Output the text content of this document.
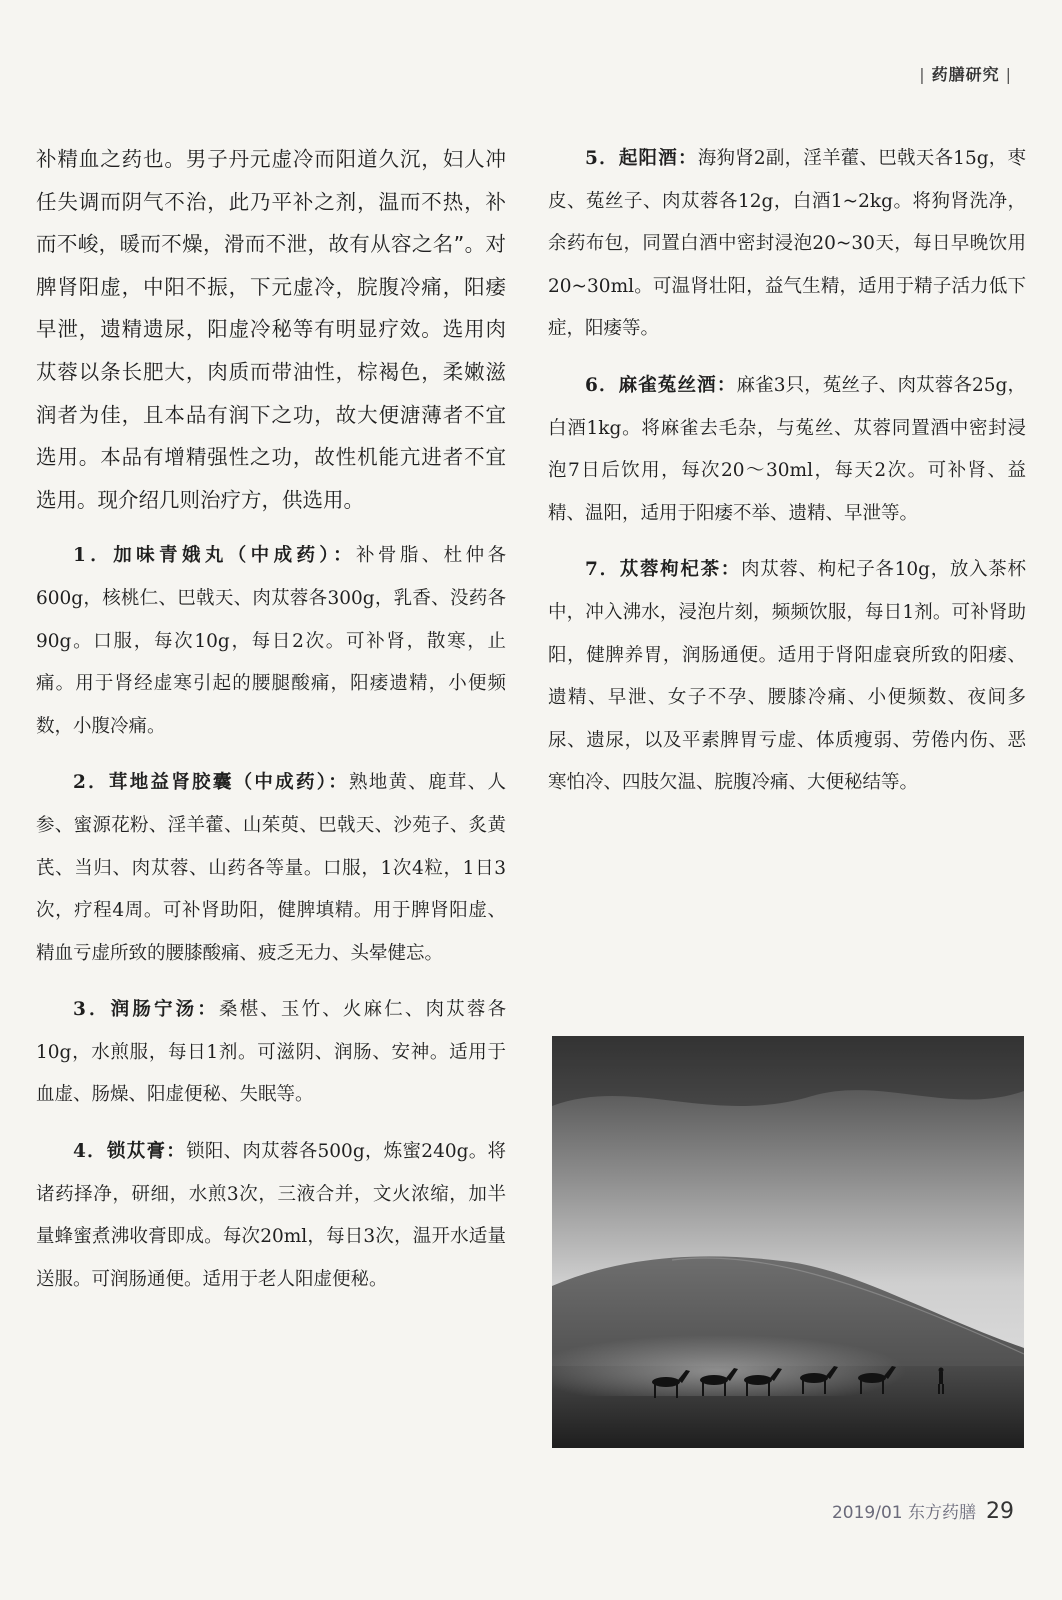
| 药膳研究 |

补精血之药也。男子丹元虚冷而阳道久沉，妇人冲任失调而阴气不治，此乃平补之剂，温而不热，补而不峻，暖而不燥，滑而不泄，故有从容之名”。对脾肾阳虚，中阳不振，下元虚冷，脘腹冷痛，阳痿早泄，遗精遗尿，阳虚冷秘等有明显疗效。选用肉苁蓉以条长肥大，肉质而带油性，棕褐色，柔嫩滋润者为佳，且本品有润下之功，故大便溏薄者不宜选用。本品有增精强性之功，故性机能亢进者不宜选用。现介绍几则治疗方，供选用。

1．加味青娥丸（中成药）：补骨脂、杜仲各600g，核桃仁、巴戟天、肉苁蓉各300g，乳香、没药各90g。口服，每次10g，每日2次。可补肾，散寒，止痛。用于肾经虚寒引起的腰腿酸痛，阳痿遗精，小便频数，小腹冷痛。

2．茸地益肾胶囊（中成药）：熟地黄、鹿茸、人参、蜜源花粉、淫羊藿、山茱萸、巴戟天、沙苑子、炙黄芪、当归、肉苁蓉、山药各等量。口服，1次4粒，1日3次，疗程4周。可补肾助阳，健脾填精。用于脾肾阳虚、精血亏虚所致的腰膝酸痛、疲乏无力、头晕健忘。

3．润肠宁汤：桑椹、玉竹、火麻仁、肉苁蓉各10g，水煎服，每日1剂。可滋阴、润肠、安神。适用于血虚、肠燥、阳虚便秘、失眠等。

4．锁苁膏：锁阳、肉苁蓉各500g，炼蜜240g。将诸药择净，研细，水煎3次，三液合并，文火浓缩，加半量蜂蜜煮沸收膏即成。每次20ml，每日3次，温开水适量送服。可润肠通便。适用于老人阳虚便秘。

5．起阳酒：海狗肾2副，淫羊藿、巴戟天各15g，枣皮、菟丝子、肉苁蓉各12g，白酒1~2kg。将狗肾洗净，余药布包，同置白酒中密封浸泡20~30天，每日早晚饮用20~30ml。可温肾壮阳，益气生精，适用于精子活力低下症，阳痿等。

6．麻雀菟丝酒：麻雀3只，菟丝子、肉苁蓉各25g，白酒1kg。将麻雀去毛杂，与菟丝、苁蓉同置酒中密封浸泡7日后饮用，每次20～30ml，每天2次。可补肾、益精、温阳，适用于阳痿不举、遗精、早泄等。

7．苁蓉枸杞茶：肉苁蓉、枸杞子各10g，放入茶杯中，冲入沸水，浸泡片刻，频频饮服，每日1剂。可补肾助阳，健脾养胃，润肠通便。适用于肾阳虚衰所致的阳痿、遗精、早泄、女子不孕、腰膝冷痛、小便频数、夜间多尿、遗尿，以及平素脾胃亏虚、体质瘦弱、劳倦内伤、恶寒怕冷、四肢欠温、脘腹冷痛、大便秘结等。

2019/01 东方药膳 29
